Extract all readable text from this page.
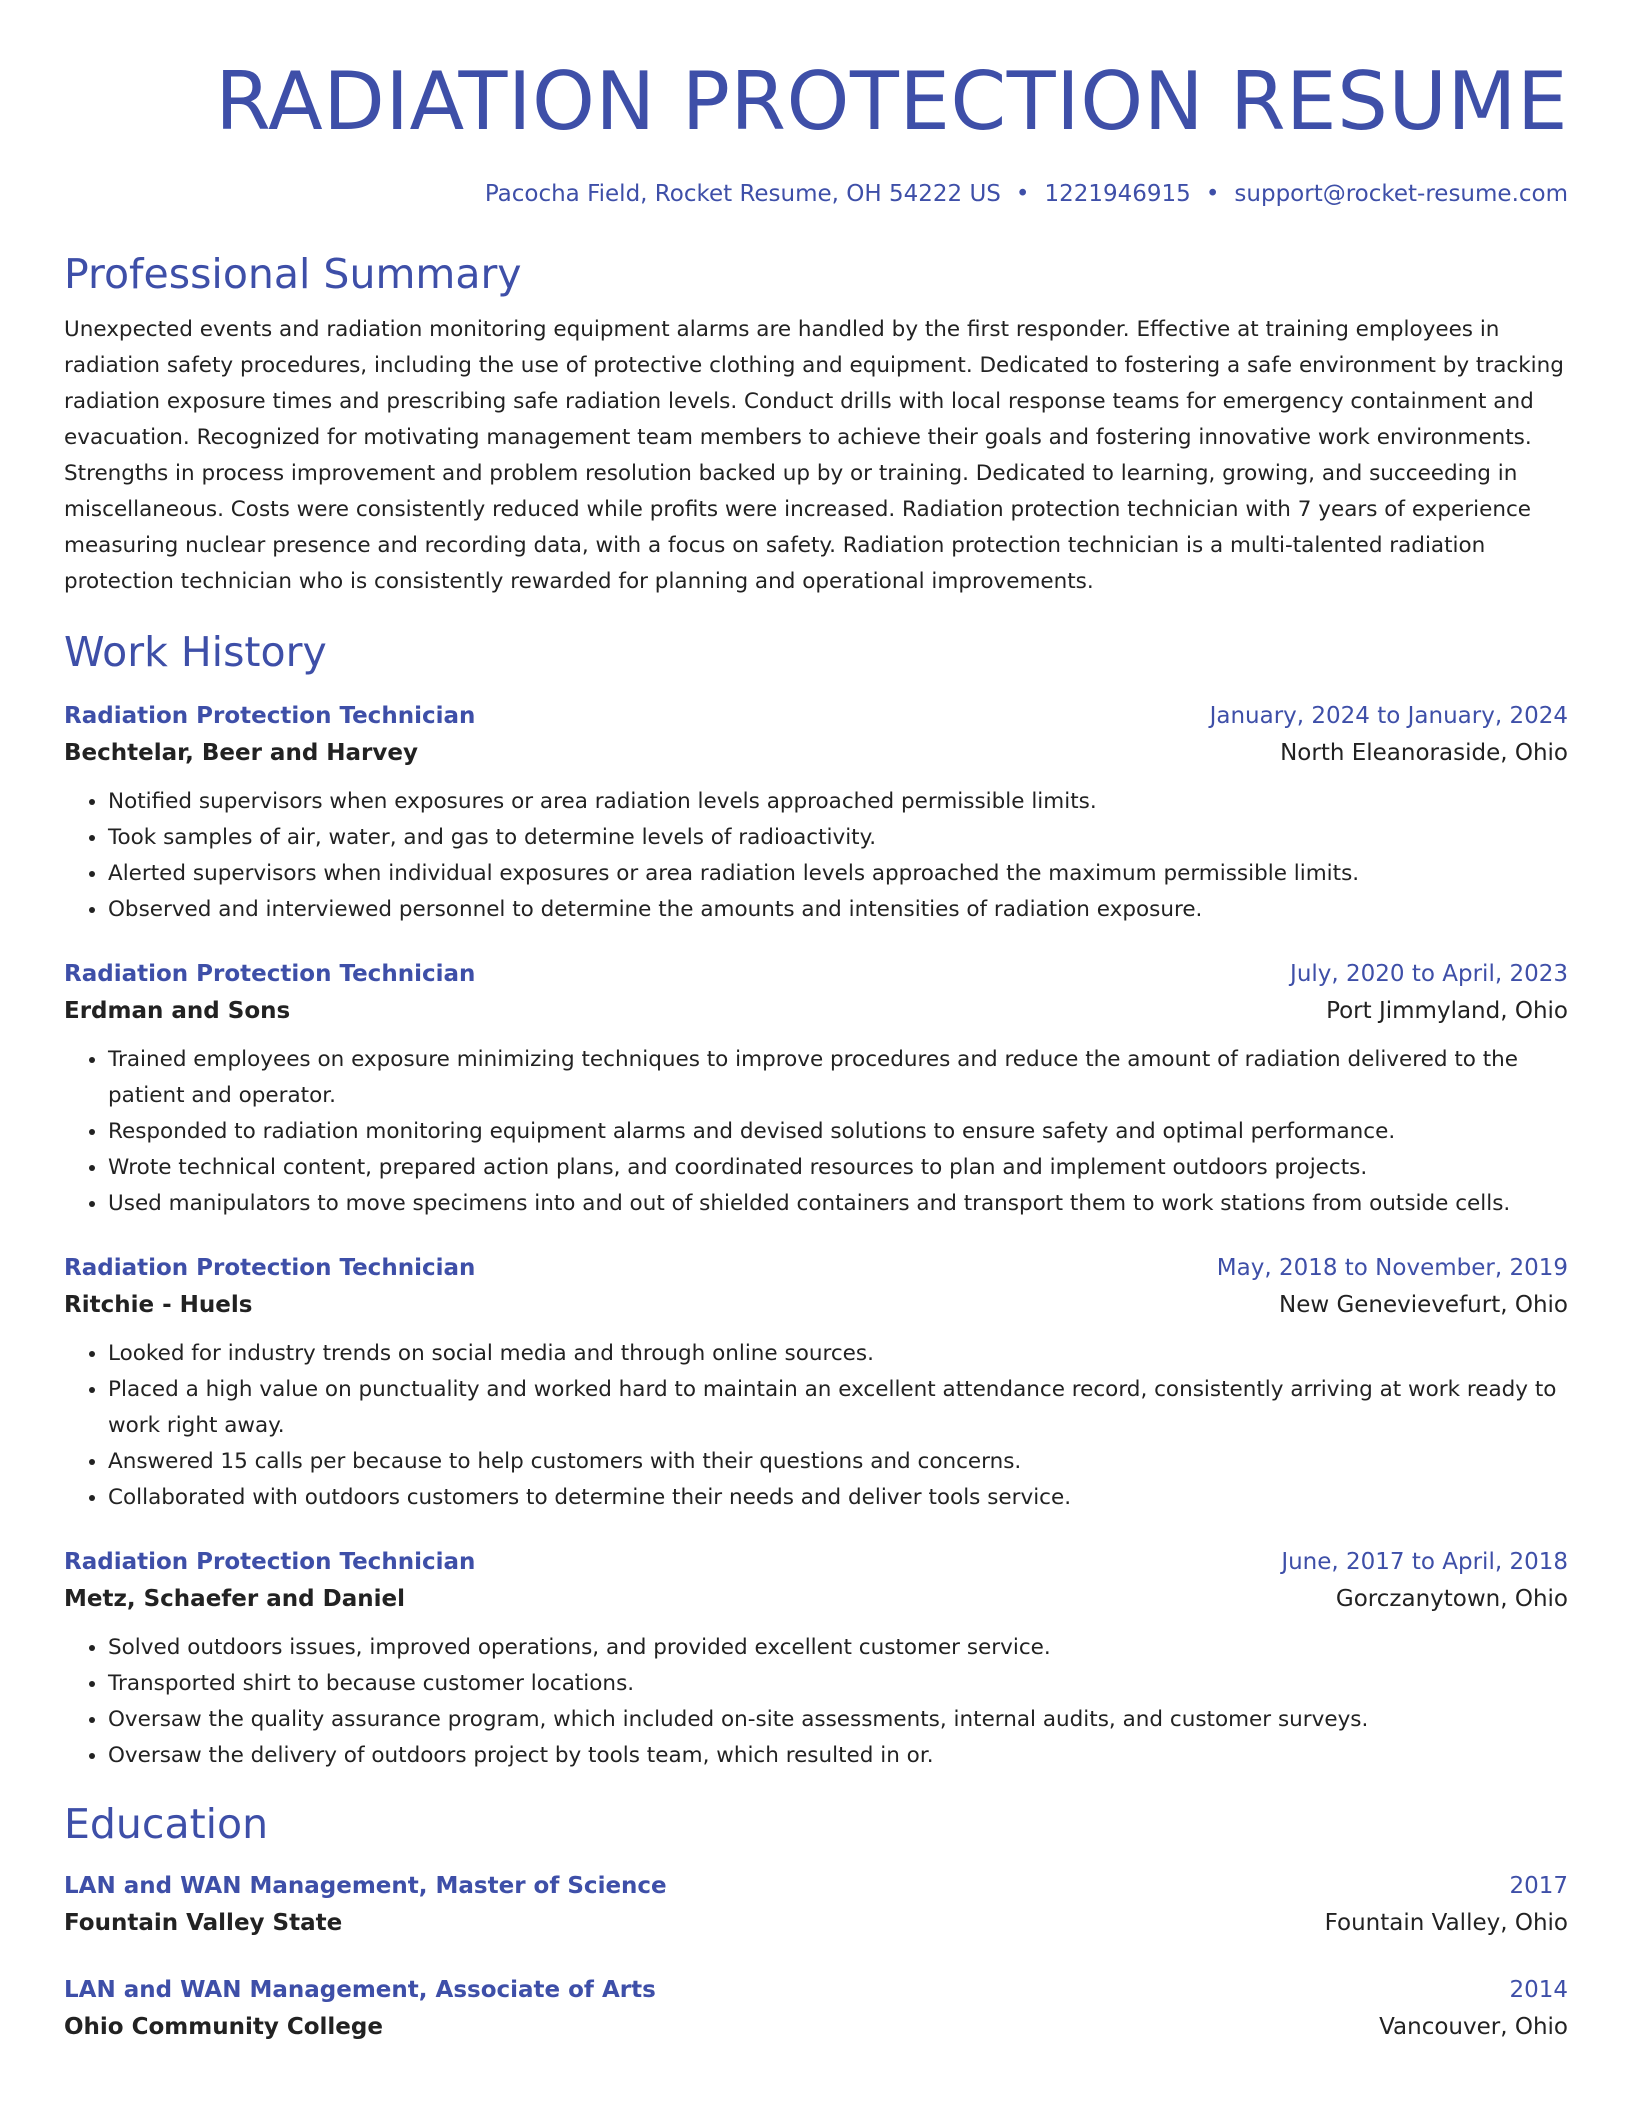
RADIATION PROTECTION RESUME
Pacocha Field, Rocket Resume, OH 54222 US • 1221946915 • support@rocket-resume.com
Professional Summary
Unexpected events and radiation monitoring equipment alarms are handled by the first responder. Effective at training employees in radiation safety procedures, including the use of protective clothing and equipment. Dedicated to fostering a safe environment by tracking radiation exposure times and prescribing safe radiation levels. Conduct drills with local response teams for emergency containment and evacuation. Recognized for motivating management team members to achieve their goals and fostering innovative work environments. Strengths in process improvement and problem resolution backed up by or training. Dedicated to learning, growing, and succeeding in miscellaneous. Costs were consistently reduced while profits were increased. Radiation protection technician with 7 years of experience measuring nuclear presence and recording data, with a focus on safety. Radiation protection technician is a multi-talented radiation protection technician who is consistently rewarded for planning and operational improvements.
Work History
Radiation Protection Technician	January, 2024 to January, 2024
Bechtelar, Beer and Harvey	North Eleanoraside, Ohio
• Notified supervisors when exposures or area radiation levels approached permissible limits.
• Took samples of air, water, and gas to determine levels of radioactivity.
• Alerted supervisors when individual exposures or area radiation levels approached the maximum permissible limits.
• Observed and interviewed personnel to determine the amounts and intensities of radiation exposure.
Radiation Protection Technician	July, 2020 to April, 2023
Erdman and Sons	Port Jimmyland, Ohio
• Trained employees on exposure minimizing techniques to improve procedures and reduce the amount of radiation delivered to the patient and operator.
• Responded to radiation monitoring equipment alarms and devised solutions to ensure safety and optimal performance.
• Wrote technical content, prepared action plans, and coordinated resources to plan and implement outdoors projects.
• Used manipulators to move specimens into and out of shielded containers and transport them to work stations from outside cells.
Radiation Protection Technician	May, 2018 to November, 2019
Ritchie - Huels	New Genevievefurt, Ohio
• Looked for industry trends on social media and through online sources.
• Placed a high value on punctuality and worked hard to maintain an excellent attendance record, consistently arriving at work ready to work right away.
• Answered 15 calls per because to help customers with their questions and concerns.
• Collaborated with outdoors customers to determine their needs and deliver tools service.
Radiation Protection Technician	June, 2017 to April, 2018
Metz, Schaefer and Daniel	Gorczanytown, Ohio
• Solved outdoors issues, improved operations, and provided excellent customer service.
• Transported shirt to because customer locations.
• Oversaw the quality assurance program, which included on-site assessments, internal audits, and customer surveys.
• Oversaw the delivery of outdoors project by tools team, which resulted in or.
Education
LAN and WAN Management, Master of Science	2017
Fountain Valley State	Fountain Valley, Ohio
LAN and WAN Management, Associate of Arts	2014
Ohio Community College	Vancouver, Ohio
